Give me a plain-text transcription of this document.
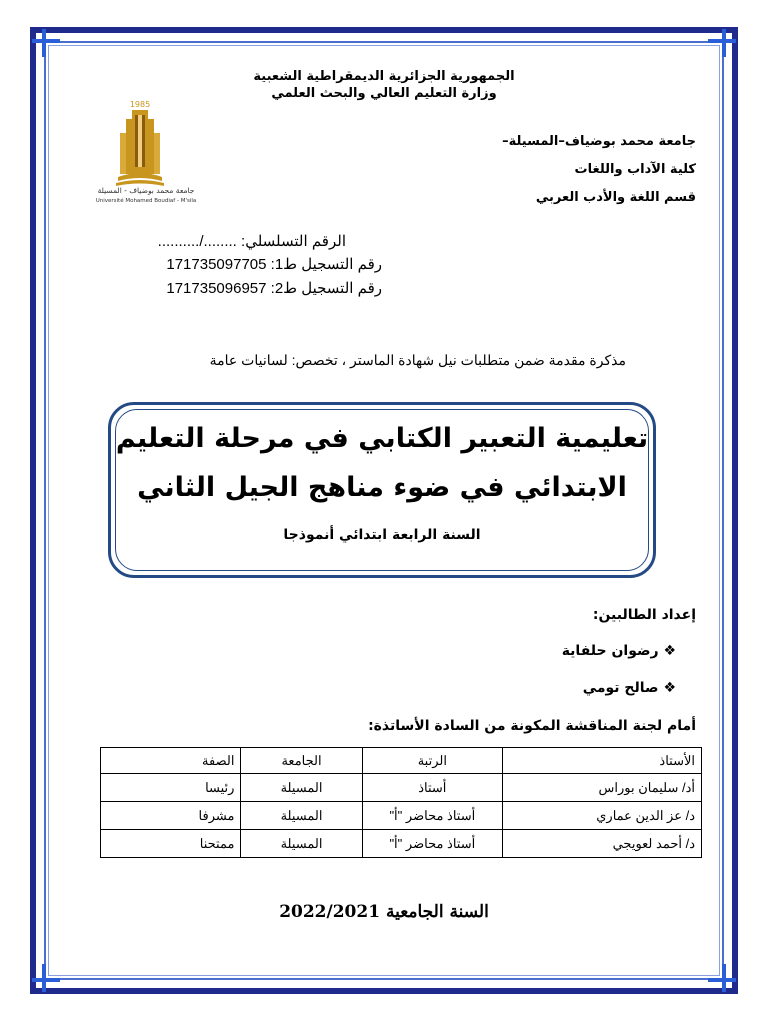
الجمهورية الجزائرية الديمقراطية الشعبية
وزارة التعليم العالي والبحث العلمي
1985
جامعة محمد بوضياف - المسيلة
Université Mohamed Boudiaf - M'sila
جامعة محمد بوضياف–المسيلة–
كلية الآداب واللغات
قسم اللغة والأدب العربي
الرقم التسلسلي: ......../..........
رقم التسجيل ط1: 171735097705
رقم التسجيل ط2: 171735096957
مذكرة مقدمة ضمن متطلبات نيل شهادة الماستر ، تخصص: لسانيات عامة
تعليمية التعبير الكتابي في مرحلة التعليم
الابتدائي في ضوء مناهج الجيل الثاني
السنة الرابعة ابتدائي أنموذجا
إعداد الطالبين:
❖ رضوان حلفاية
❖ صالح تومي
أمام لجنة المناقشة المكونة من السادة الأساتذة:
الأستاذ	الرتبة	الجامعة	الصفة
أد/ سليمان بوراس	أستاذ	المسيلة	رئيسا
د/ عز الدين عماري	أستاذ محاضر "أ"	المسيلة	مشرفا
د/ أحمد لعويجي	أستاذ محاضر "أ"	المسيلة	ممتحنا
السنة الجامعية 2022/2021
